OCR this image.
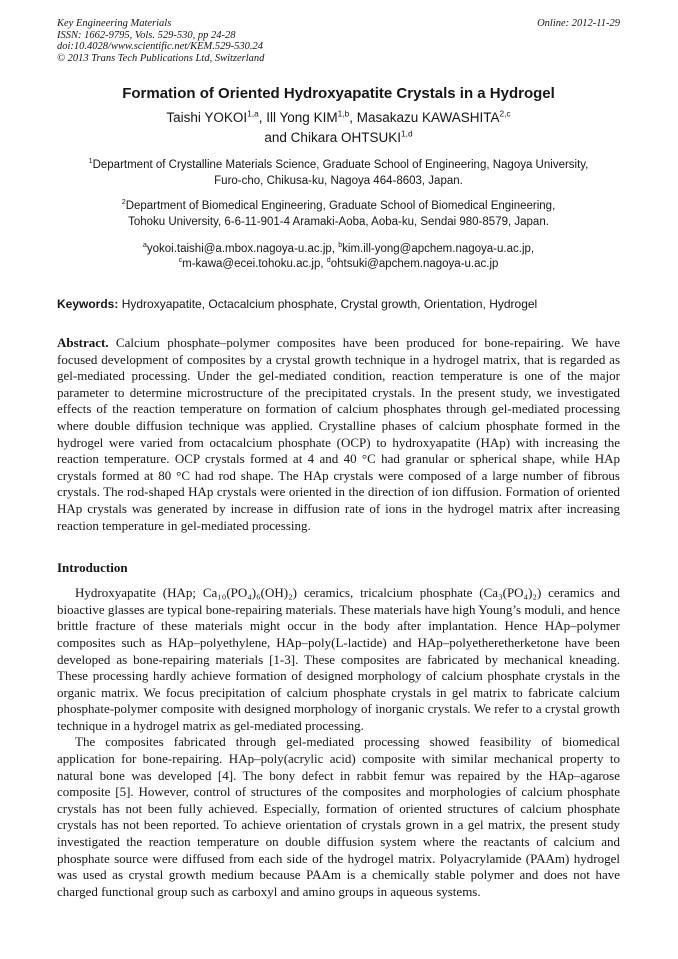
Key Engineering Materials

ISSN: 1662-9795, Vols. 529-530, pp 24-28

doi:10.4028/www.scientific.net/KEM.529-530.24

© 2013 Trans Tech Publications Ltd, Switzerland

Online: 2012-11-29
Formation of Oriented Hydroxyapatite Crystals in a Hydrogel
Taishi YOKOI$^{1,a}$, Ill Yong KIM$^{1,b}$, Masakazu KAWASHITA$^{2,c}$
and Chikara OHTSUKI$^{1,d}$
$^1$Department of Crystalline Materials Science, Graduate School of Engineering, Nagoya University,
Furo-cho, Chikusa-ku, Nagoya 464-8603, Japan.
$^2$Department of Biomedical Engineering, Graduate School of Biomedical Engineering,
Tohoku University, 6-6-11-901-4 Aramaki-Aoba, Aoba-ku, Sendai 980-8579, Japan.
$^a$yokoi.taishi@a.mbox.nagoya-u.ac.jp, $^b$kim.ill-yong@apchem.nagoya-u.ac.jp,
$^c$m-kawa@ecei.tohoku.ac.jp, $^d$ohtsuki@apchem.nagoya-u.ac.jp

Keywords: Hydroxyapatite, Octacalcium phosphate, Crystal growth, Orientation, Hydrogel

Abstract. Calcium phosphate–polymer composites have been produced for bone-repairing. We have focused development of composites by a crystal growth technique in a hydrogel matrix, that is regarded as gel-mediated processing. Under the gel-mediated condition, reaction temperature is one of the major parameter to determine microstructure of the precipitated crystals. In the present study, we investigated effects of the reaction temperature on formation of calcium phosphates through gel-mediated processing where double diffusion technique was applied. Crystalline phases of calcium phosphate formed in the hydrogel were varied from octacalcium phosphate (OCP) to hydroxyapatite (HAp) with increasing the reaction temperature. OCP crystals formed at 4 and 40 °C had granular or spherical shape, while HAp crystals formed at 80 °C had rod shape. The HAp crystals were composed of a large number of fibrous crystals. The rod-shaped HAp crystals were oriented in the direction of ion diffusion. Formation of oriented HAp crystals was generated by increase in diffusion rate of ions in the hydrogel matrix after increasing reaction temperature in gel-mediated processing.

Introduction

Hydroxyapatite (HAp; Ca₁₀(PO₄)₆(OH)₂) ceramics, tricalcium phosphate (Ca₃(PO₄)₂) ceramics and bioactive glasses are typical bone-repairing materials. These materials have high Young’s moduli, and hence brittle fracture of these materials might occur in the body after implantation. Hence HAp–polymer composites such as HAp–polyethylene, HAp–poly(L-lactide) and HAp–polyetheretherketone have been developed as bone-repairing materials [1-3]. These composites are fabricated by mechanical kneading. These processing hardly achieve formation of designed morphology of calcium phosphate crystals in the organic matrix. We focus precipitation of calcium phosphate crystals in gel matrix to fabricate calcium phosphate-polymer composite with designed morphology of inorganic crystals. We refer to a crystal growth technique in a hydrogel matrix as gel-mediated processing.

The composites fabricated through gel-mediated processing showed feasibility of biomedical application for bone-repairing. HAp–poly(acrylic acid) composite with similar mechanical property to natural bone was developed [4]. The bony defect in rabbit femur was repaired by the HAp–agarose composite [5]. However, control of structures of the composites and morphologies of calcium phosphate crystals has not been fully achieved. Especially, formation of oriented structures of calcium phosphate crystals has not been reported. To achieve orientation of crystals grown in a gel matrix, the present study investigated the reaction temperature on double diffusion system where the reactants of calcium and phosphate source were diffused from each side of the hydrogel matrix. Polyacrylamide (PAAm) hydrogel was used as crystal growth medium because PAAm is a chemically stable polymer and does not have charged functional group such as carboxyl and amino groups in aqueous systems.
